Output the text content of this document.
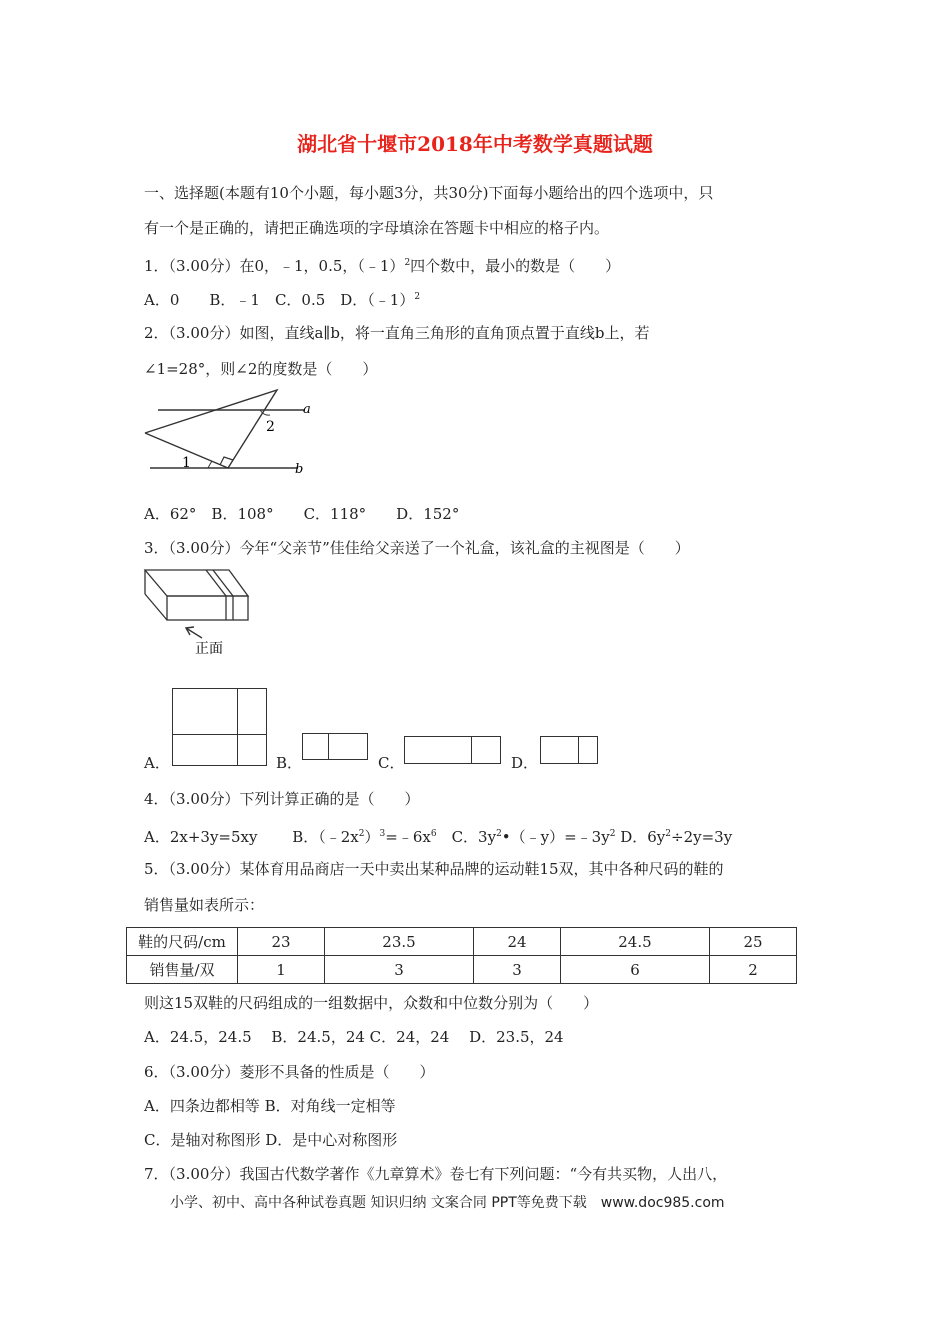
湖北省十堰市2018年中考数学真题试题
一、选择题(本题有10个小题，每小题3分，共30分)下面每小题给出的四个选项中，只
有一个是正确的，请把正确选项的字母填涂在答题卡中相应的格子内。
1．（3.00分）在0，﹣1，0.5，（﹣1）$^2$四个数中，最小的数是（　　）
A．0　　B．﹣1　C．0.5　D．（﹣1）$^2$
2．（3.00分）如图，直线a∥b，将一直角三角形的直角顶点置于直线b上，若
∠1=28°，则∠2的度数是（　　）
a
b
1
2
A．62°　B．108°　　C．118°　　D．152°
3．（3.00分）今年“父亲节”佳佳给父亲送了一个礼盒，该礼盒的主视图是（　　）
正面
A．	B．	C．	D．
4．（3.00分）下列计算正确的是（　　）
A．2x+3y=5xy　　 B．$(﹣2x^2)^3=﹣6x^6$　C．$3y^2•(﹣y)=﹣3y^2$ D．$6y^2\div 2y=3y$
5．（3.00分）某体育用品商店一天中卖出某种品牌的运动鞋15双，其中各种尺码的鞋的
销售量如表所示：
鞋的尺码/cm	23	23.5	24	24.5	25
销售量/双	1	3	3	6	2
则这15双鞋的尺码组成的一组数据中，众数和中位数分别为（　　）
A．24.5，24.5　 B．24.5，24 C．24，24　 D．23.5，24
6．（3.00分）菱形不具备的性质是（　　）
A．四条边都相等 B．对角线一定相等
C．是轴对称图形 D．是中心对称图形
7．（3.00分）我国古代数学著作《九章算术》卷七有下列问题：“今有共买物，人出八，
小学、初中、高中各种试卷真题 知识归纳 文案合同 PPT等免费下载　www.doc985.com
